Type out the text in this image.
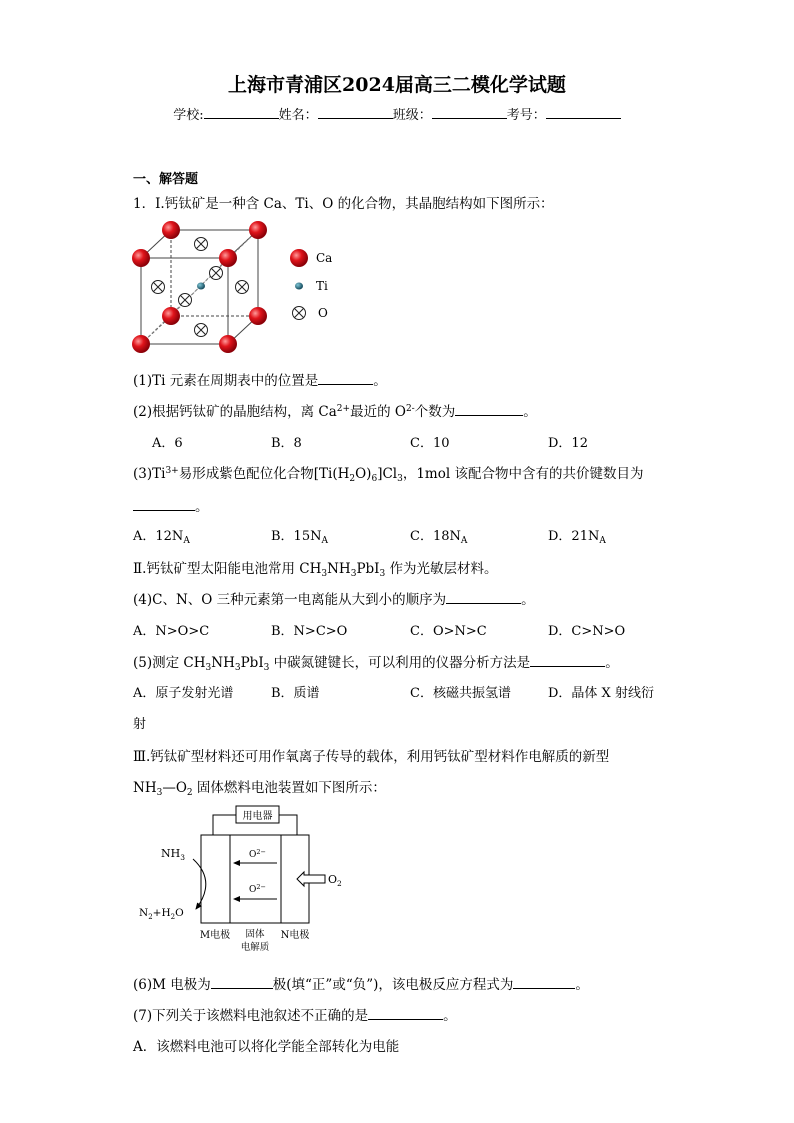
上海市青浦区2024届高三二模化学试题
学校:	姓名：	班级：	考号：
一、解答题
1．Ⅰ.钙钛矿是一种含 Ca、Ti、O 的化合物，其晶胞结构如下图所示：
Ca
Ti
O
(1)Ti 元素在周期表中的位置是	。
(2)根据钙钛矿的晶胞结构，离 $Ca^{2+}$最近的 $O^{2-}$个数为	。
A．6	B．8	C．10	D．12
$(3)Ti^{3+}$易形成紫色配位化合物$[Ti(H_2O)_6]Cl_3$，1mol 该配合物中含有的共价键数目为
。
A．$12N_A$	B．$15N_A$	C．$18N_A$	D．$21N_A$
Ⅱ.钙钛矿型太阳能电池常用 $CH_3NH_3PbI_3$ 作为光敏层材料。
(4)C、N、O 三种元素第一电离能从大到小的顺序为	。
A．N>O>C	B．N>C>O	C．O>N>C	D．C>N>O
(5)测定 $CH_3NH_3PbI_3$ 中碳氮键键长，可以利用的仪器分析方法是	。
A．原子发射光谱	B．质谱	C．核磁共振氢谱	D．晶体 X 射线衍
射
Ⅲ.钙钛矿型材料还可用作氧离子传导的载体，利用钙钛矿型材料作电解质的新型
$NH_3—O_2$ 固体燃料电池装置如下图所示：
用电器
$O^{2-}$
$O^{2-}$
$NH_3$
$N_2+H_2O$
$O_2$
M电极 固体
电解质
N电极
(6)M 电极为	极(填“正”或“负”)，该电极反应方程式为	。
(7)下列关于该燃料电池叙述不正确的是	。
A．该燃料电池可以将化学能全部转化为电能
